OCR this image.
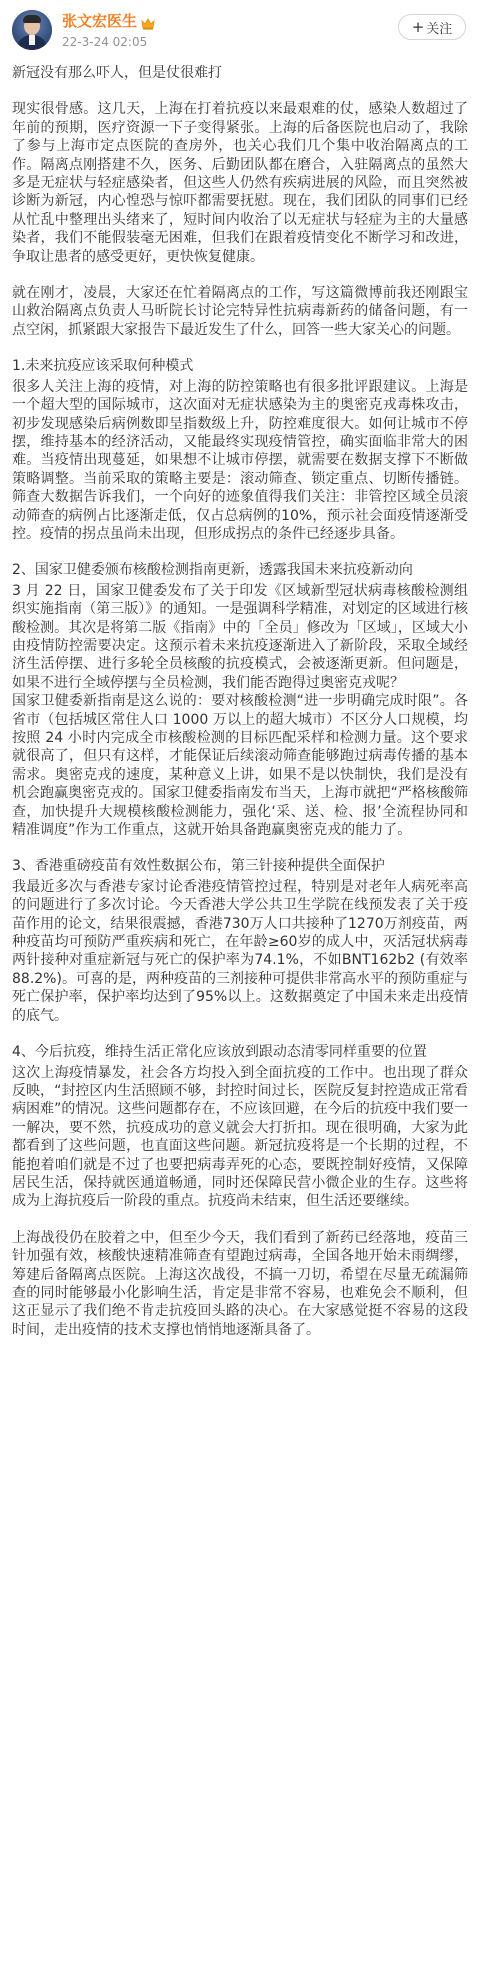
张文宏医生
22-3-24 02:05
+ 关注

新冠没有那么吓人，但是仗很难打

现实很骨感。这几天，上海在打着抗疫以来最艰难的仗，感染人数超过了年前的预期，医疗资源一下子变得紧张。上海的后备医院也启动了，我除了参与上海市定点医院的查房外，也关心我们几个集中收治隔离点的工作。隔离点刚搭建不久，医务、后勤团队都在磨合，入驻隔离点的虽然大多是无症状与轻症感染者，但这些人仍然有疾病进展的风险，而且突然被诊断为新冠，内心惶恐与惊吓都需要抚慰。现在，我们团队的同事们已经从忙乱中整理出头绪来了，短时间内收治了以无症状与轻症为主的大量感染者，我们不能假装毫无困难，但我们在跟着疫情变化不断学习和改进，争取让患者的感受更好，更快恢复健康。

就在刚才，凌晨，大家还在忙着隔离点的工作，写这篇微博前我还刚跟宝山救治隔离点负责人马昕院长讨论完特异性抗病毒新药的储备问题，有一点空闲，抓紧跟大家报告下最近发生了什么，回答一些大家关心的问题。

1.未来抗疫应该采取何种模式

很多人关注上海的疫情，对上海的防控策略也有很多批评跟建议。上海是一个超大型的国际城市，这次面对无症状感染为主的奥密克戎毒株攻击，初步发现感染后病例数即呈指数级上升，防控难度很大。如何让城市不停摆，维持基本的经济活动，又能最终实现疫情管控，确实面临非常大的困难。当疫情出现蔓延，如果想不让城市停摆，就需要在数据支撑下不断做策略调整。当前采取的策略主要是：滚动筛查、锁定重点、切断传播链。筛查大数据告诉我们，一个向好的迹象值得我们关注：非管控区域全员滚动筛查的病例占比逐渐走低，仅占总病例的10%，预示社会面疫情逐渐受控。疫情的拐点虽尚未出现，但形成拐点的条件已经逐步具备。

2、国家卫健委颁布核酸检测指南更新，透露我国未来抗疫新动向

3 月 22 日，国家卫健委发布了关于印发《区域新型冠状病毒核酸检测组织实施指南（第三版）》的通知。一是强调科学精准，对划定的区域进行核酸检测。其次是将第二版《指南》中的「全员」修改为「区域」，区域大小由疫情防控需要决定。这预示着未来抗疫逐渐进入了新阶段，采取全域经济生活停摆、进行多轮全员核酸的抗疫模式，会被逐渐更新。但问题是，如果不进行全域停摆与全员检测，我们能否跑得过奥密克戎呢？

国家卫健委新指南是这么说的：要对核酸检测“进一步明确完成时限”。各省市（包括城区常住人口 1000 万以上的超大城市）不区分人口规模，均按照 24 小时内完成全市核酸检测的目标匹配采样和检测力量。这个要求就很高了，但只有这样，才能保证后续滚动筛查能够跑过病毒传播的基本需求。奥密克戎的速度，某种意义上讲，如果不是以快制快，我们是没有机会跑赢奥密克戎的。国家卫健委指南发布当天，上海市就把“严格核酸筛查，加快提升大规模核酸检测能力，强化‘采、送、检、报’全流程协同和精准调度”作为工作重点，这就开始具备跑赢奥密克戎的能力了。

3、香港重磅疫苗有效性数据公布，第三针接种提供全面保护

我最近多次与香港专家讨论香港疫情管控过程，特别是对老年人病死率高的问题进行了多次讨论。今天香港大学公共卫生学院在线预发表了关于疫苗作用的论文，结果很震撼，香港730万人口共接种了1270万剂疫苗，两种疫苗均可预防严重疾病和死亡，在年龄≥60岁的成人中，灭活冠状病毒两针接种对重症新冠与死亡的保护率为74.1%，不如BNT162b2 (有效率 88.2%)。可喜的是，两种疫苗的三剂接种可提供非常高水平的预防重症与死亡保护率，保护率均达到了95%以上。这数据奠定了中国未来走出疫情的底气。

4、今后抗疫，维持生活正常化应该放到跟动态清零同样重要的位置

这次上海疫情暴发，社会各方均投入到全面抗疫的工作中。也出现了群众反映，“封控区内生活照顾不够，封控时间过长，医院反复封控造成正常看病困难”的情况。这些问题都存在，不应该回避，在今后的抗疫中我们要一一解决，要不然，抗疫成功的意义就会大打折扣。现在很明确，大家为此都看到了这些问题，也直面这些问题。新冠抗疫将是一个长期的过程，不能抱着咱们就是不过了也要把病毒弄死的心态，要既控制好疫情，又保障居民生活，保持就医通道畅通，同时还保障民营小微企业的生存。这些将成为上海抗疫后一阶段的重点。抗疫尚未结束，但生活还要继续。

上海战役仍在胶着之中，但至少今天，我们看到了新药已经落地，疫苗三针加强有效，核酸快速精准筛查有望跑过病毒，全国各地开始未雨绸缪，筹建后备隔离点医院。上海这次战役，不搞一刀切，希望在尽量无疏漏筛查的同时能够最小化影响生活，肯定是非常不容易，也难免会不顺利，但这正显示了我们绝不肯走抗疫回头路的决心。在大家感觉挺不容易的这段时间，走出疫情的技术支撑也悄悄地逐渐具备了。
